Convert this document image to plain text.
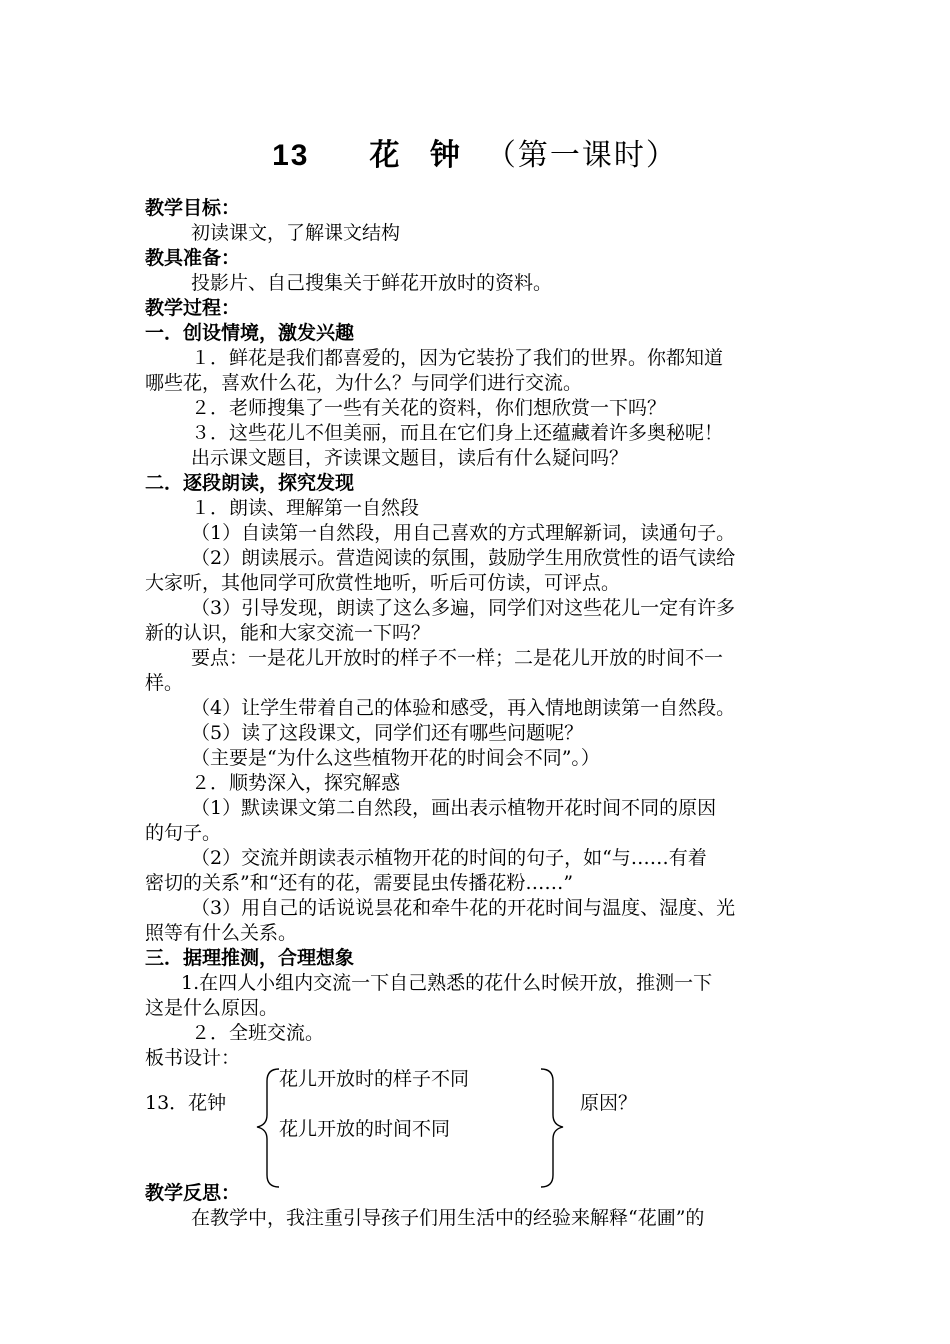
13 花 钟 （第一课时）
教学目标：
初读课文，了解课文结构
教具准备：
投影片、自己搜集关于鲜花开放时的资料。
教学过程：
一．创设情境，激发兴趣
１．鲜花是我们都喜爱的，因为它装扮了我们的世界。你都知道
哪些花，喜欢什么花，为什么？与同学们进行交流。
２．老师搜集了一些有关花的资料，你们想欣赏一下吗？
３．这些花儿不但美丽，而且在它们身上还蕴藏着许多奥秘呢！
出示课文题目，齐读课文题目，读后有什么疑问吗？
二．逐段朗读，探究发现
１．朗读、理解第一自然段
（1）自读第一自然段，用自己喜欢的方式理解新词，读通句子。
（2）朗读展示。营造阅读的氛围，鼓励学生用欣赏性的语气读给
大家听，其他同学可欣赏性地听，听后可仿读，可评点。
（3）引导发现，朗读了这么多遍，同学们对这些花儿一定有许多
新的认识，能和大家交流一下吗？
要点：一是花儿开放时的样子不一样；二是花儿开放的时间不一
样。
（4）让学生带着自己的体验和感受，再入情地朗读第一自然段。
（5）读了这段课文，同学们还有哪些问题呢？
（主要是“为什么这些植物开花的时间会不同”。）
２．顺势深入，探究解惑
（1）默读课文第二自然段，画出表示植物开花时间不同的原因
的句子。
（2）交流并朗读表示植物开花的时间的句子，如“与……有着
密切的关系”和“还有的花，需要昆虫传播花粉……”
（3）用自己的话说说昙花和牵牛花的开花时间与温度、湿度、光
照等有什么关系。
三．据理推测，合理想象
1.在四人小组内交流一下自己熟悉的花什么时候开放，推测一下
这是什么原因。
２．全班交流。
板书设计：
13．花钟
花儿开放时的样子不同
花儿开放的时间不同
原因？
教学反思：
在教学中，我注重引导孩子们用生活中的经验来解释“花圃”的
